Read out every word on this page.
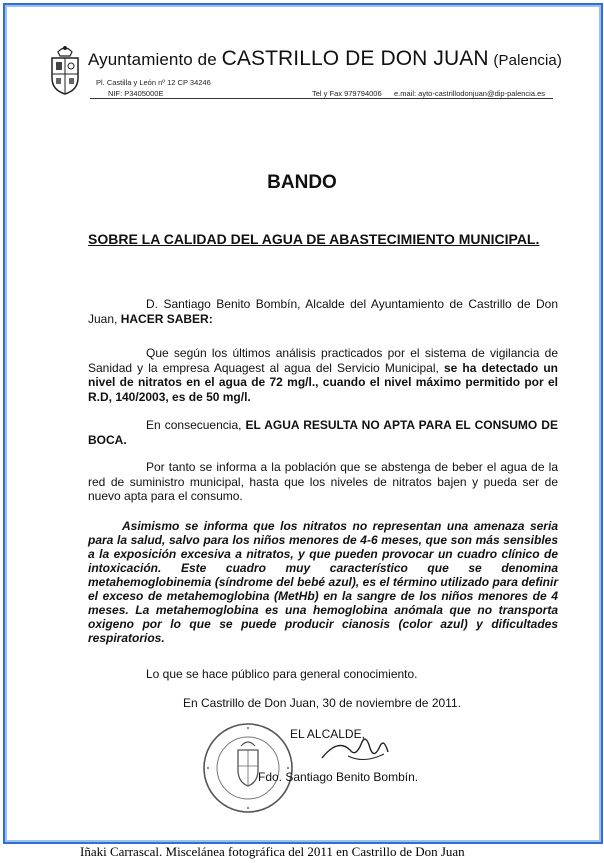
Ayuntamiento de CASTRILLO DE DON JUAN (Palencia)
Pl. Castilla y León nº 12 CP 34246
NIF: P3405000E	Tel y Fax 979794006 e.mail: ayto-castrillodonjuan@dip-palencia.es
BANDO
SOBRE LA CALIDAD DEL AGUA DE ABASTECIMIENTO MUNICIPAL.
D. Santiago Benito Bombín, Alcalde del Ayuntamiento de Castrillo de Don Juan, HACER SABER:
Que según los últimos análisis practicados por el sistema de vigilancia de Sanidad y la empresa Aquagest al agua del Servicio Municipal, se ha detectado un nivel de nitratos en el agua de 72 mg/l., cuando el nivel máximo permitido por el R.D, 140/2003, es de 50 mg/l.
En consecuencia, EL AGUA RESULTA NO APTA PARA EL CONSUMO DE BOCA.
Por tanto se informa a la población que se abstenga de beber el agua de la red de suministro municipal, hasta que los niveles de nitratos bajen y pueda ser de nuevo apta para el consumo.
Asimismo se informa que los nitratos no representan una amenaza seria para la salud, salvo para los niños menores de 4-6 meses, que son más sensibles a la exposición excesiva a nitratos, y que pueden provocar un cuadro clínico de intoxicación. Este cuadro muy característico que se denomina metahemoglobinemia (síndrome del bebé azul), es el término utilizado para definir el exceso de metahemoglobina (MetHb) en la sangre de los niños menores de 4 meses. La metahemoglobina es una hemoglobina anómala que no transporta oxigeno por lo que se puede producir cianosis (color azul) y dificultades respiratorios.
Lo que se hace público para general conocimiento.
En Castrillo de Don Juan, 30 de noviembre de 2011.
EL ALCALDE,
Fdo. Santiago Benito Bombín.
Iñaki Carrascal. Miscelánea fotográfica del 2011 en Castrillo de Don Juan
